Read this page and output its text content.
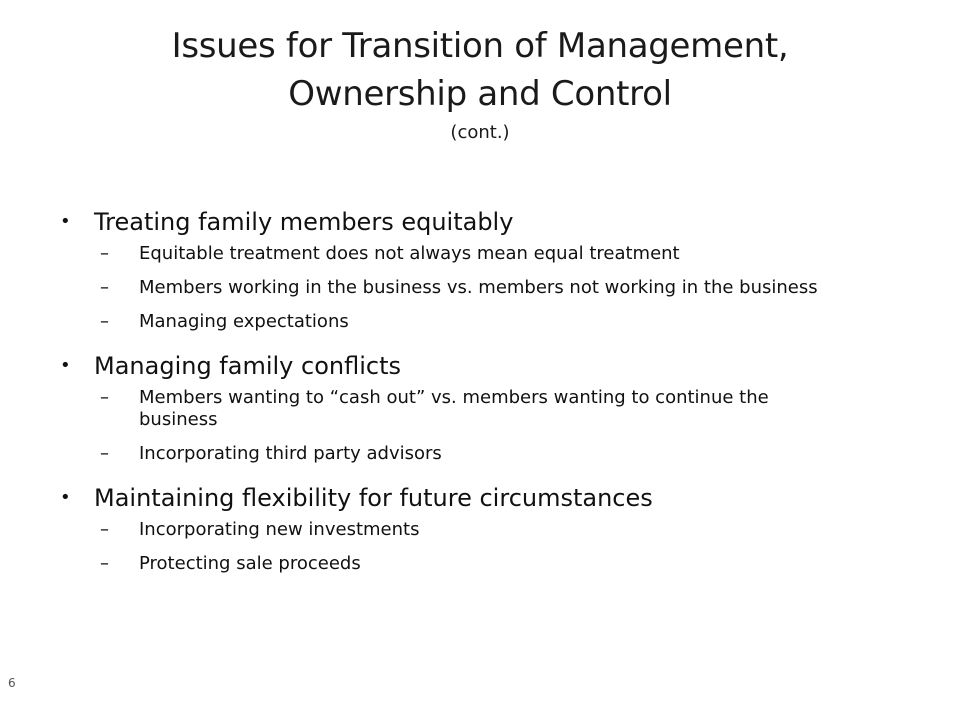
Issues for Transition of Management,
Ownership and Control
(cont.)
• Treating family members equitably
– Equitable treatment does not always mean equal treatment
– Members working in the business vs. members not working in the business
– Managing expectations
• Managing family conflicts
– Members wanting to “cash out” vs. members wanting to continue the business
– Incorporating third party advisors
• Maintaining flexibility for future circumstances
– Incorporating new investments
– Protecting sale proceeds
6
